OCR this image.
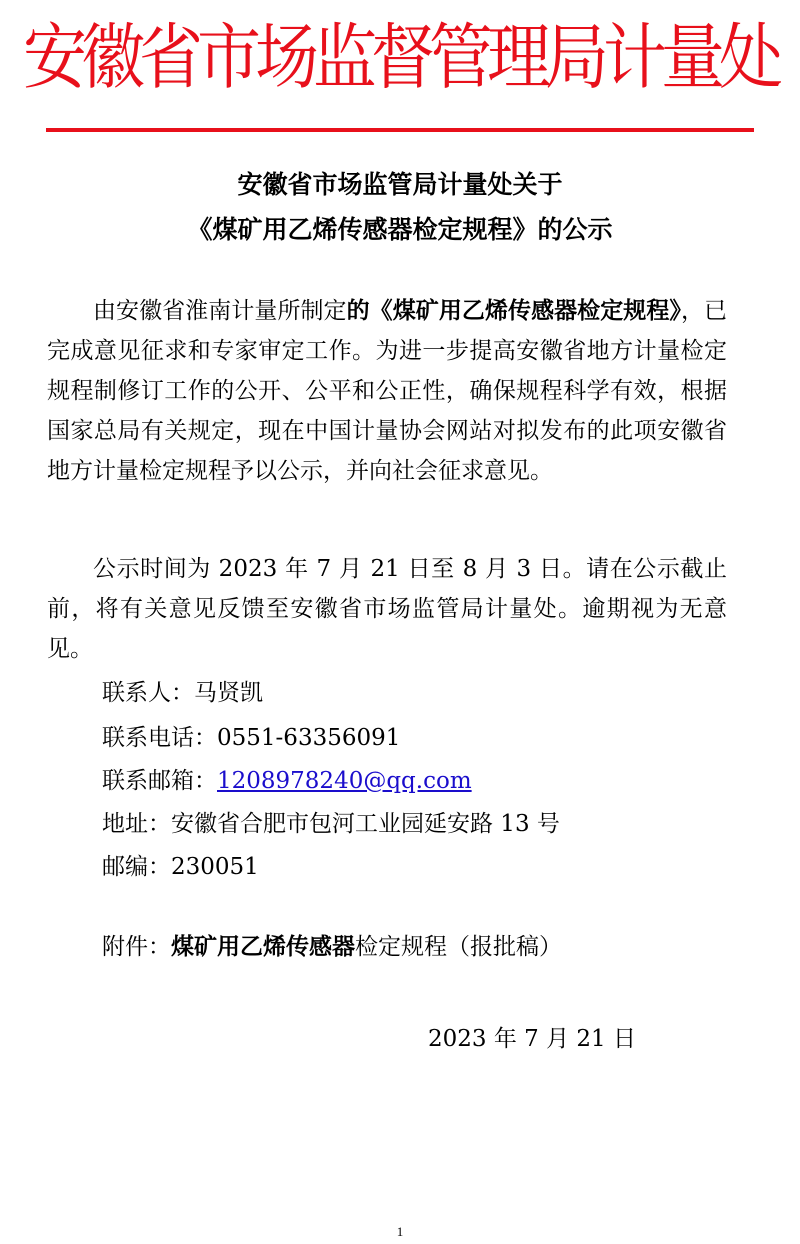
安徽省市场监督管理局计量处
安徽省市场监管局计量处关于
《煤矿用乙烯传感器检定规程》的公示
由安徽省淮南计量所制定的《煤矿用乙烯传感器检定规程》，已完成意见征求和专家审定工作。为进一步提高安徽省地方计量检定规程制修订工作的公开、公平和公正性，确保规程科学有效，根据国家总局有关规定，现在中国计量协会网站对拟发布的此项安徽省地方计量检定规程予以公示，并向社会征求意见。
公示时间为 2023 年 7 月 21 日至 8 月 3 日。请在公示截止前，将有关意见反馈至安徽省市场监管局计量处。逾期视为无意见。
联系人：马贤凯
联系电话：0551-63356091
联系邮箱：1208978240@qq.com
地址：安徽省合肥市包河工业园延安路 13 号
邮编：230051
附件：煤矿用乙烯传感器检定规程（报批稿）
2023 年 7 月 21 日
1
